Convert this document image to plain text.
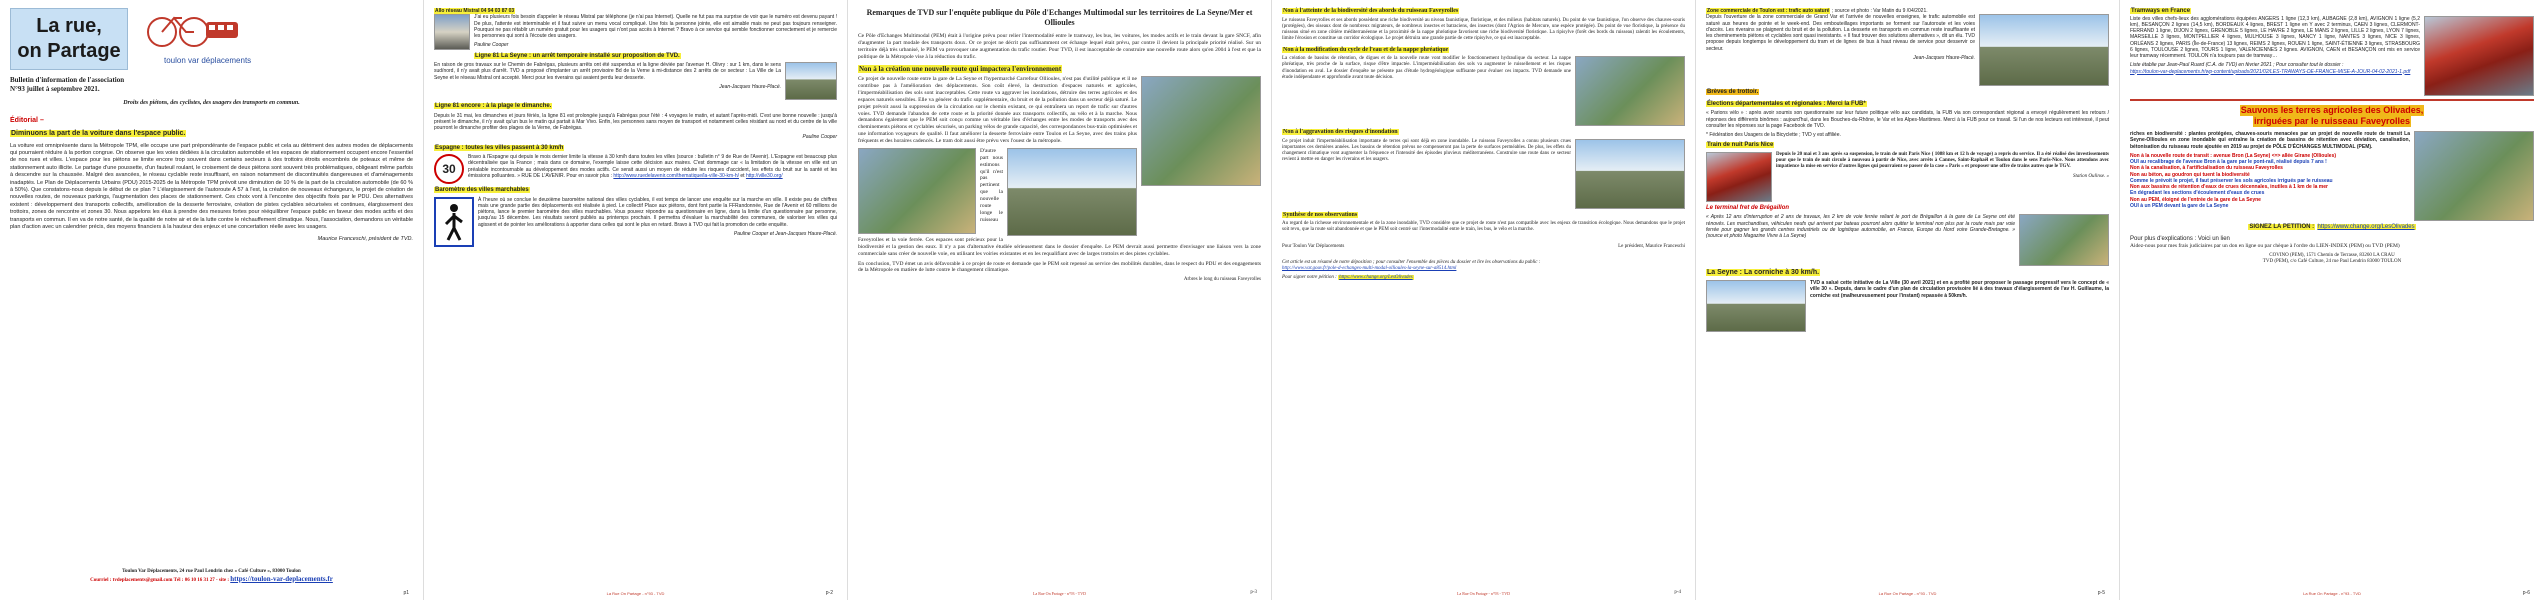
La rue,
on Partage	toulon var déplacements
Bulletin d'information de l'association
N°93 juillet à septembre 2021.
Droits des piétons, des cyclistes, des usagers des transports en commun.
Éditorial –
Diminuons la part de la voiture dans l'espace public.

La voiture est omniprésente dans la Métropole TPM, elle occupe une part prépondérante de l'espace public et cela au détriment des autres modes de déplacements qui pourraient réduire à la portion congrue. On observe que les voies dédiées à la circulation automobile et les espaces de stationnement occupent encore l'essentiel de nos rues et villes. L'espace pour les piétons se limite encore trop souvent dans certains secteurs à des trottoirs étroits encombrés de poteaux et même de stationnement auto illicite. Le partage d'une poussette, d'un fauteuil roulant, le croisement de deux piétons sont souvent très problématiques, obligeant même parfois à descendre sur la chaussée. Malgré des avancées, le réseau cyclable reste insuffisant, en raison notamment de discontinuités dangereuses et d'aménagements inadaptés. Le Plan de Déplacements Urbains (PDU) 2015-2025 de la Métropole TPM prévoit une diminution de 10 % de la part de la circulation automobile (de 60 % à 50%). Que constatons-nous depuis le début de ce plan ? L'élargissement de l'autoroute A 57 à l'est, la création de nouveaux échangeurs, le projet de création de nouvelles routes, de nouveaux parkings, l'augmentation des places de stationnement. Ces choix vont à l'encontre des objectifs fixés par le PDU. Des alternatives existent : développement des transports collectifs, amélioration de la desserte ferroviaire, création de pistes cyclables sécurisées et continues, élargissement des trottoirs, zones de rencontre et zones 30. Nous appelons les élus à prendre des mesures fortes pour rééquilibrer l'espace public en faveur des modes actifs et des transports en commun. Il en va de notre santé, de la qualité de notre air et de la lutte contre le réchauffement climatique. Nous, l'association, demandons un véritable plan d'action avec un calendrier précis, des moyens financiers à la hauteur des enjeux et une concertation réelle avec les usagers.

Maurice Franceschi, président de TVD.
Toulon Var Déplacements, 24 rue Paul Lendrin chez « Café Culture », 83000 Toulon
Courriel : tvdeplacements@gmail.com Tél : 06 10 16 31 27 - site : https://toulon-var-deplacements.fr
p1
Allo réseau Mistral 04 94 03 87 03

J'ai eu plusieurs fois besoin d'appeler le réseau Mistral par téléphone (je n'ai pas Internet). Quelle ne fut pas ma surprise de voir que le numéro est devenu payant ! De plus, l'attente est interminable et il faut suivre un menu vocal compliqué. Une fois la personne jointe, elle est aimable mais ne peut pas toujours renseigner. Pourquoi ne pas rétablir un numéro gratuit pour les usagers qui n'ont pas accès à Internet ? Bravo à ce service qui semble fonctionner correctement et je remercie les personnes qui sont à l'écoute des usagers.

Pauline Cooper
Ligne 81 La Seyne : un arrêt temporaire installé sur proposition de TVD.

En raison de gros travaux sur le Chemin de Fabrégas, plusieurs arrêts ont été suspendus et la ligne déviée par l'avenue H. Olivry : sur 1 km, dans le sens sud/nord, il n'y avait plus d'arrêt. TVD a proposé d'implanter un arrêt provisoire Bd de la Verne à mi-distance des 2 arrêts de ce secteur : La Ville de La Seyne et le réseau Mistral ont accepté. Merci pour les riverains qui avaient perdu leur desserte.

Jean-Jacques Haure-Placé.
Ligne 81 encore : à la plage le dimanche.

Depuis le 31 mai, les dimanches et jours fériés, la ligne 81 est prolongée jusqu'à Fabrégas pour l'été : 4 voyages le matin, et autant l'après-midi. C'est une bonne nouvelle : jusqu'à présent le dimanche, il n'y avait qu'un bus le matin qui partait à Mar Vivo. Enfin, les personnes sans moyen de transport et notamment celles résidant au nord et du centre de la ville pourront le dimanche profiter des plages de la Verne, de Fabrégas.

Pauline Cooper
Espagne : toutes les villes passent à 30 km/h
30

Bravo à l'Espagne qui depuis le mois dernier limite la vitesse à 30 km/h dans toutes les villes (source : bulletin n° 9 de Rue de l'Avenir). L'Espagne est beaucoup plus décentralisée que la France ; mais dans ce domaine, l'exemple laisse cette décision aux maires. C'est dommage car « la limitation de la vitesse en ville est un préalable incontournable au développement des modes actifs. Ce serait aussi un moyen de réduire les risques d'accident, les effets du bruit sur la santé et les émissions polluantes. » RUE DE L'AVENIR. Pour en savoir plus : http://www.ruedelavenir.com/thematique/la-ville-30-km-h/ et http://ville30.org/

Baromètre des villes marchables

À l'heure où se conclue le deuxième baromètre national des villes cyclables, il est temps de lancer une enquête sur la marche en ville. Il existe peu de chiffres mais une grande partie des déplacements est réalisée à pied. Le collectif Place aux piétons, dont font partie la FFRandonnée, Rue de l'Avenir et 60 millions de piétons, lance le premier baromètre des villes marchables. Vous pouvez répondre au questionnaire en ligne, dans la limite d'un questionnaire par personne, jusqu'au 15 décembre. Les résultats seront publiés au printemps prochain. Il permettra d'évaluer la marchabilité des communes, de valoriser les villes qui agissent et de pointer les améliorations à apporter dans celles qui sont le plus en retard. Bravo à TVD qui fait la promotion de cette enquête.

Pauline Cooper et Jean-Jacques Haure-Placé.
La Rue On Partage - n°93 - TVD	p-2
Remarques de TVD sur l'enquête publique du Pôle d'Echanges Multimodal sur les territoires de La Seyne/Mer et Ollioules

Ce Pôle d'Echanges Multimodal (PEM) était à l'origine prévu pour relier l'intermodalité entre le tramway, les bus, les voitures, les modes actifs et le train devant la gare SNCF, afin d'augmenter la part modale des transports doux. Or ce projet ne décrit pas suffisamment cet échange lequel était prévu, par contre il devient la principale priorité réalisé. Sur un territoire déjà très urbanisé, le PEM va provoquer une augmentation du trafic routier. Pour TVD, il est inacceptable de construire une nouvelle route alors qu'en 2004 à l'est et que la politique de la Métropole vise à la réduction du trafic.

Non à la création une nouvelle route qui impactera l'environnement

Ce projet de nouvelle route entre la gare de La Seyne et l'hypermarché Carrefour Ollioules, n'est pas d'utilité publique et il ne contribue pas à l'amélioration des déplacements. Son coût élevé, la destruction d'espaces naturels et agricoles, l'imperméabilisation des sols sont inacceptables. Cette route va aggraver les inondations, détruire des terres agricoles et des espaces naturels sensibles. Elle va générer du trafic supplémentaire, du bruit et de la pollution dans un secteur déjà saturé. Le projet prévoit aussi la suppression de la circulation sur le chemin existant, ce qui entraînera un report de trafic sur d'autres voies. TVD demande l'abandon de cette route et la priorité donnée aux transports collectifs, au vélo et à la marche. Nous demandons également que le PEM soit conçu comme un véritable lieu d'échanges entre les modes de transports avec des cheminements piétons et cyclables sécurisés, un parking vélos de grande capacité, des correspondances bus-train optimisées et une information voyageurs de qualité. Il faut améliorer la desserte ferroviaire entre Toulon et La Seyne, avec des trains plus fréquents et des horaires cadencés. Le tram doit aussi être prévu vers l'ouest de la métropole.

D'autre part nous estimons qu'il n'est pas pertinent que la nouvelle route longe le ruisseau Faveyrolles et la voie ferrée. Ces espaces sont précieux pour la biodiversité et la gestion des eaux. Il n'y a pas d'alternative étudiée sérieusement dans le dossier d'enquête. Le PEM devrait aussi permettre d'envisager une liaison vers la zone commerciale sans créer de nouvelle voie, en utilisant les voiries existantes et en les requalifiant avec de larges trottoirs et des pistes cyclables.

En conclusion, TVD émet un avis défavorable à ce projet de route et demande que le PEM soit repensé au service des mobilités durables, dans le respect du PDU et des engagements de la Métropole en matière de lutte contre le changement climatique.

Arbres le long du ruisseau Faveyrolles
La Rue On Partage - n°93 - TVD	p-3
Non à l'atteinte de la biodiversité des abords du ruisseau Faveyrolles

Le ruisseau Faveyrolles et ses abords possèdent une riche biodiversité au niveau faunistique, floristique, et des milieux (habitats naturels). Du point de vue faunistique, l'on observe des chauves-souris (protégées), des oiseaux dont de nombreux migrateurs, de nombreux insectes et batraciens, des insectes (dont l'Agrion de Mercure, une espèce protégée). Du point de vue floristique, la présence du ruisseau situé en zone côtière méditerranéenne et la proximité de la nappe phréatique favorisent une riche biodiversité floristique. La ripisylve (forêt des bords du ruisseau) ralentit les écoulements, limite l'érosion et constitue un corridor écologique. Le projet détruira une grande partie de cette ripisylve, ce qui est inacceptable.

Non à la modification du cycle de l'eau et de la nappe phréatique

La création de bassins de rétention, de digues et de la nouvelle route vont modifier le fonctionnement hydraulique du secteur. La nappe phréatique, très proche de la surface, risque d'être impactée. L'imperméabilisation des sols va augmenter le ruissellement et les risques d'inondation en aval. Le dossier d'enquête ne présente pas d'étude hydrogéologique suffisante pour évaluer ces impacts. TVD demande une étude indépendante et approfondie avant toute décision.

Non à l'aggravation des risques d'inondation

Ce projet induit l'imperméabilisation importante de terres qui sont déjà en zone inondable. Le ruisseau Faveyrolles a connu plusieurs crues importantes ces dernières années. Les bassins de rétention prévus ne compenseront pas la perte de surfaces perméables. De plus, les effets du changement climatique vont augmenter la fréquence et l'intensité des épisodes pluvieux méditerranéens. Construire une route dans ce secteur revient à mettre en danger les riverains et les usagers.

Synthèse de nos observations

Au regard de la richesse environnementale et de la zone inondable, TVD considère que ce projet de route n'est pas compatible avec les enjeux de transition écologique. Nous demandons que le projet soit revu, que la route soit abandonnée et que le PEM soit centré sur l'intermodalité entre le train, les bus, le vélo et la marche.

Pour Toulon Var Déplacements	Le président, Maurice Franceschi

Cet article est un résumé de notre déposition ; pour consulter l'ensemble des pièces du dossier et lire les observations du public :
http://www.var.gouv.fr/pole-d-echanges-multi-modal-ollioules-la-seyne-sur-a8514.html

Pour signer notre pétition : https://www.change.org/LesOlivades

La Rue On Partage - n°93 - TVD	p-4
Zone commerciale de Toulon est : trafic auto saturé ; source et photo : Var Matin du 9 /04/2021.

Depuis l'ouverture de la zone commerciale de Grand Var et l'arrivée de nouvelles enseignes, le trafic automobile est saturé aux heures de pointe et le week-end. Des embouteillages importants se forment sur l'autoroute et les voies d'accès. Les riverains se plaignent du bruit et de la pollution. La desserte en transports en commun reste insuffisante et les cheminements piétons et cyclables sont quasi inexistants. « Il faut trouver des solutions alternatives », dit un élu. TVD propose depuis longtemps le développement du tram et de lignes de bus à haut niveau de service pour desservir ce secteur.

Jean-Jacques Haure-Placé.
Brèves de trottoir.
Élections départementales et régionales : Merci la FUB*

« Parions vélo » : après avoir soumis son questionnaire sur leur future politique vélo aux candidats, la FUB via son correspondant régional a envoyé régulièrement les retours / réponses des différents binômes : aujourd'hui, dans les Bouches-du-Rhône, le Var et les Alpes-Maritimes. Merci à la FUB pour ce travail. Si l'un de nos lecteurs est intéressé, il peut consulter les réponses sur la page Facebook de TVD.

* Fédération des Usagers de la Bicyclette ; TVD y est affiliée.

Train de nuit Paris Nice

Depuis le 20 mai et 3 ans après sa suspension, le train de nuit Paris Nice ( 1088 km et 12 h de voyage) a repris du service. Il a été réalisé des investissements pour que le train de nuit circule à nouveau à partir de Nice, avec arrêts à Cannes, Saint-Raphaël et Toulon dans le sens Paris-Nice. Nous attendons avec impatience la mise en service d'autres lignes qui pourraient se passer de la case « Paris » et proposer une offre de trains autres que le TGV.

Station Oulinse. »
Le terminal fret de Brégaillon

« Après 12 ans d'interruption et 2 ans de travaux, les 2 km de voie ferrée reliant le port de Brégaillon à la gare de La Seyne ont été rénovés. Les marchandises, véhicules neufs qui arrivent par bateau pourront alors quitter le terminal non plus par la route mais par voie ferrée pour gagner les grands centres industriels ou de logistique automobile, en France, Europe du Nord voire Grande-Bretagne. » (source et photo Magazine Vivre à La Seyne)

La Seyne : La corniche à 30 km/h.

TVD a salué cette initiative de La Ville (30 avril 2021) et en a profité pour proposer le passage progressif vers le concept de « ville 30 ». Depuis, dans le cadre d'un plan de circulation provisoire lié à des travaux d'élargissement de l'av H. Guillaume, la corniche est (malheureusement pour l'instant) repassée à 50km/h.

La Rue On Partage - n°93 - TVD	p-5
Tramways en France

Liste des villes chefs-lieux des agglomérations équipées ANGERS 1 ligne (12,3 km), AUBAGNE (2,8 km), AVIGNON 1 ligne (5,2 km), BESANÇON 2 lignes (14,5 km), BORDEAUX 4 lignes, BREST 1 ligne en Y avec 2 terminus, CAEN 3 lignes, CLERMONT-FERRAND 1 ligne, DIJON 2 lignes, GRENOBLE 5 lignes, LE HAVRE 2 lignes, LE MANS 2 lignes, LILLE 2 lignes, LYON 7 lignes, MARSEILLE 3 lignes, MONTPELLIER 4 lignes, MULHOUSE 3 lignes, NANCY 1 ligne, NANTES 3 lignes, NICE 3 lignes, ORLÉANS 2 lignes, PARIS (Île-de-France) 13 lignes, REIMS 2 lignes, ROUEN 1 ligne, SAINT-ÉTIENNE 3 lignes, STRASBOURG 6 lignes, TOULOUSE 2 lignes, TOURS 1 ligne, VALENCIENNES 2 lignes. AVIGNON, CAEN et BESANÇON ont mis en service leur tramway récemment. TOULON n'a toujours pas de tramway…

Liste établie par Jean-Paul Ruard (C.A. de TVD) en février 2021 ; Pour consulter tout le dossier :
https://toulon-var-deplacements.fr/wp-content/uploads/2021/02/LES-TRAWAYS-DE-FRANCE-MISE-A-JOUR-04-02-2021-1.pdf

Sauvons les terres agricoles des Olivades,
irriguées par le ruisseau Faveyrolles

riches en biodiversité : plantes protégées, chauves-souris menacées par un projet de nouvelle route de transit La Seyne-Ollioules en zone inondable qui entraîne la création de bassins de rétention avec déviation, canalisation, bétonisation du ruisseau route ajoutée en 2019 au projet de PÔLE D'ÉCHANGES MULTIMODAL (PEM).

Non à la nouvelle route de transit : avenue Bron (La Seyne) <=> allée Girane (Ollioules)
OUI au recalibrage de l'avenue Bron à la gare par le pont-rail, réalisé depuis 7 ans !
Non à la canalisation, à l'artificialisation du ruisseau Faveyrolles
Non au béton, au goudron qui tuent la biodiversité
Comme le prévoit le projet, il faut préserver les sols agricoles irrigués par le ruisseau
Non aux bassins de rétention d'eaux de crues décennales, inutiles à 1 km de la mer
En dégradant les sections d'écoulement d'eaux de crues
Non au PEM, éloigné de l'entrée de la gare de La Seyne
OUI à un PEM devant la gare de La Seyne
SIGNEZ LA PETITION : https://www.change.org/LesOlivades
Pour plus d'explications : Voici un lien

Aidez-nous pour mes frais judiciaires par un don en ligne ou par chèque à l'ordre du LIEN-INDEX (PEM) ou TVD (PEM)

COVINO (PEM), 1571 Chemin de Terrasse, 83260 LA CRAU
TVD (PEM), c/o Café Culture, 24 rue Paul Lendrin 83000 TOULON
La Rue On Partage - n°93 - TVD	p-6
